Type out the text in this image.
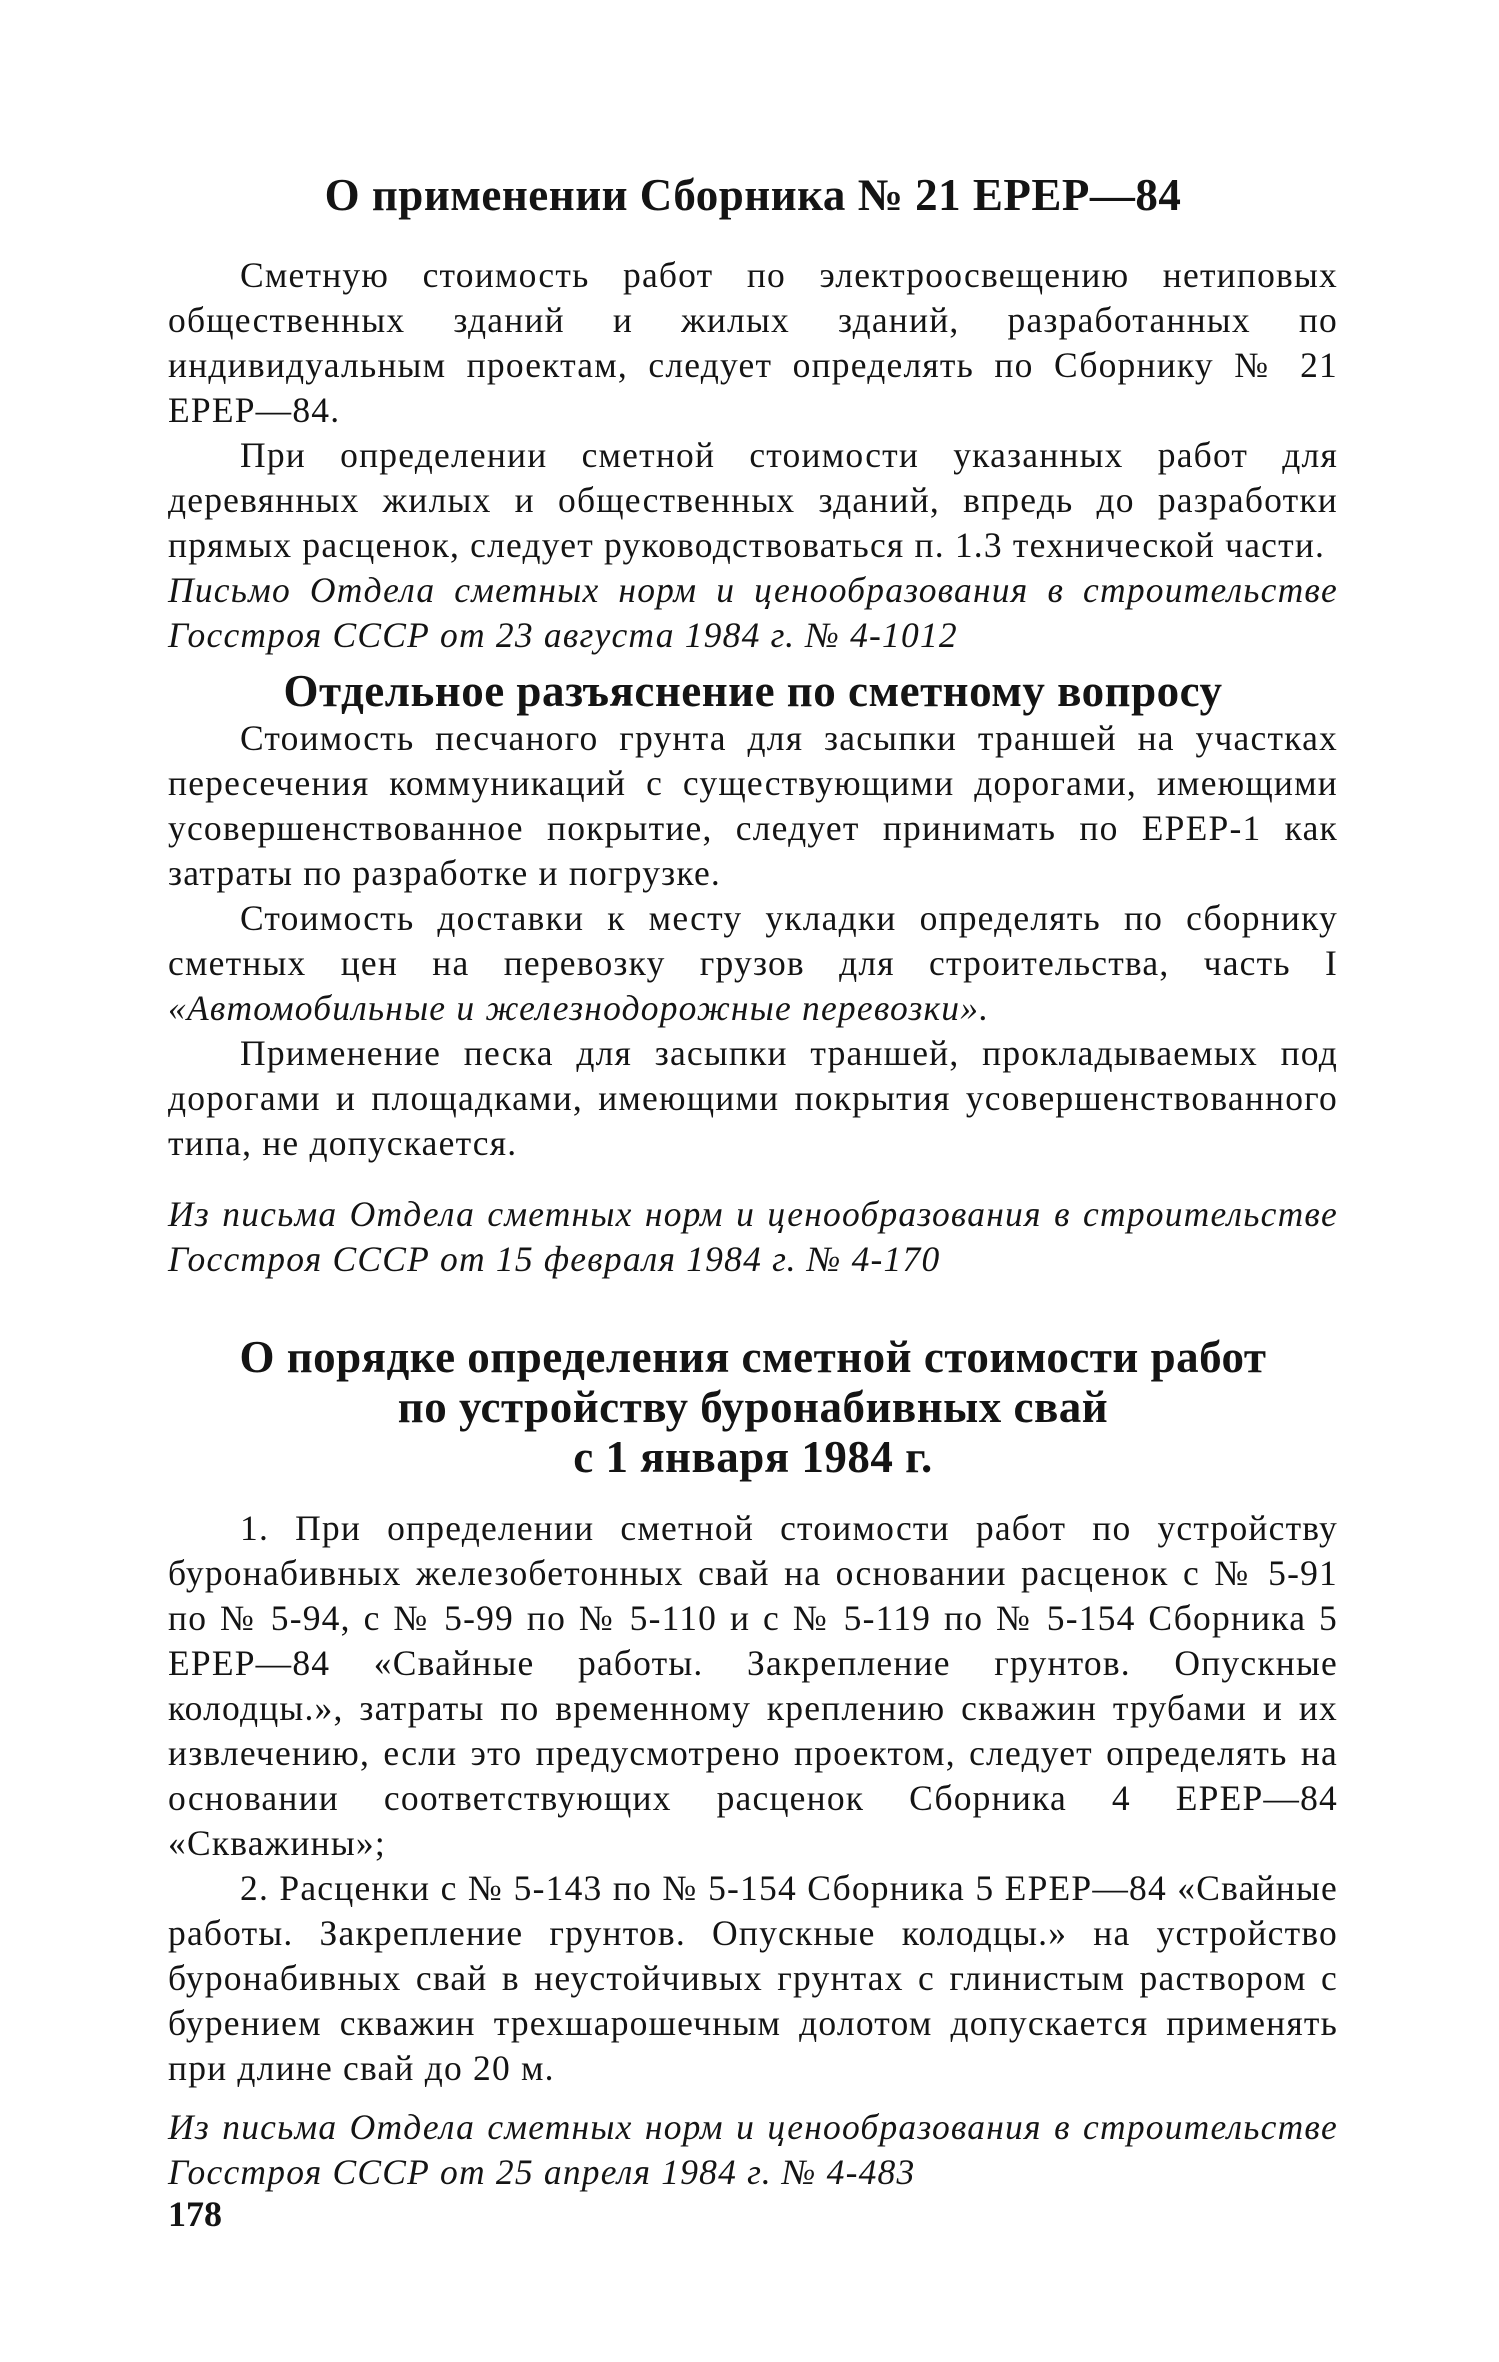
О применении Сборника № 21 ЕРЕР—84

Сметную стоимость работ по электроосвещению нетиповых общественных зданий и жилых зданий, разработанных по индивидуальным проектам, следует определять по Сборнику № 21 ЕРЕР—84.

При определении сметной стоимости указанных работ для деревянных жилых и общественных зданий, впредь до разработки прямых расценок, следует руководствоваться п. 1.3 технической части.

Письмо Отдела сметных норм и ценообразования в строительстве Госстроя СССР от 23 августа 1984 г. № 4-1012

Отдельное разъяснение по сметному вопросу

Стоимость песчаного грунта для засыпки траншей на участках пересечения коммуникаций с существующими дорогами, имеющими усовершенствованное покрытие, следует принимать по ЕРЕР-1 как затраты по разработке и погрузке.

Стоимость доставки к месту укладки определять по сборнику сметных цен на перевозку грузов для строительства, часть I «Автомобильные и железнодорожные перевозки».

Применение песка для засыпки траншей, прокладываемых под дорогами и площадками, имеющими покрытия усовершенствованного типа, не допускается.

Из письма Отдела сметных норм и ценообразования в строительстве Госстроя СССР от 15 февраля 1984 г. № 4-170

О порядке определения сметной стоимости работ
по устройству буронабивных свай
с 1 января 1984 г.

1. При определении сметной стоимости работ по устройству буронабивных железобетонных свай на основании расценок с № 5-91 по № 5-94, с № 5-99 по № 5-110 и с № 5-119 по № 5-154 Сборника 5 ЕРЕР—84 «Свайные работы. Закрепление грунтов. Опускные колодцы.», затраты по временному креплению скважин трубами и их извлечению, если это предусмотрено проектом, следует определять на основании соответствующих расценок Сборника 4 ЕРЕР—84 «Скважины»;

2. Расценки с № 5-143 по № 5-154 Сборника 5 ЕРЕР—84 «Свайные работы. Закрепление грунтов. Опускные колодцы.» на устройство буронабивных свай в неустойчивых грунтах с глинистым раствором с бурением скважин трехшарошечным долотом допускается применять при длине свай до 20 м.

Из письма Отдела сметных норм и ценообразования в строительстве Госстроя СССР от 25 апреля 1984 г. № 4-483

178
